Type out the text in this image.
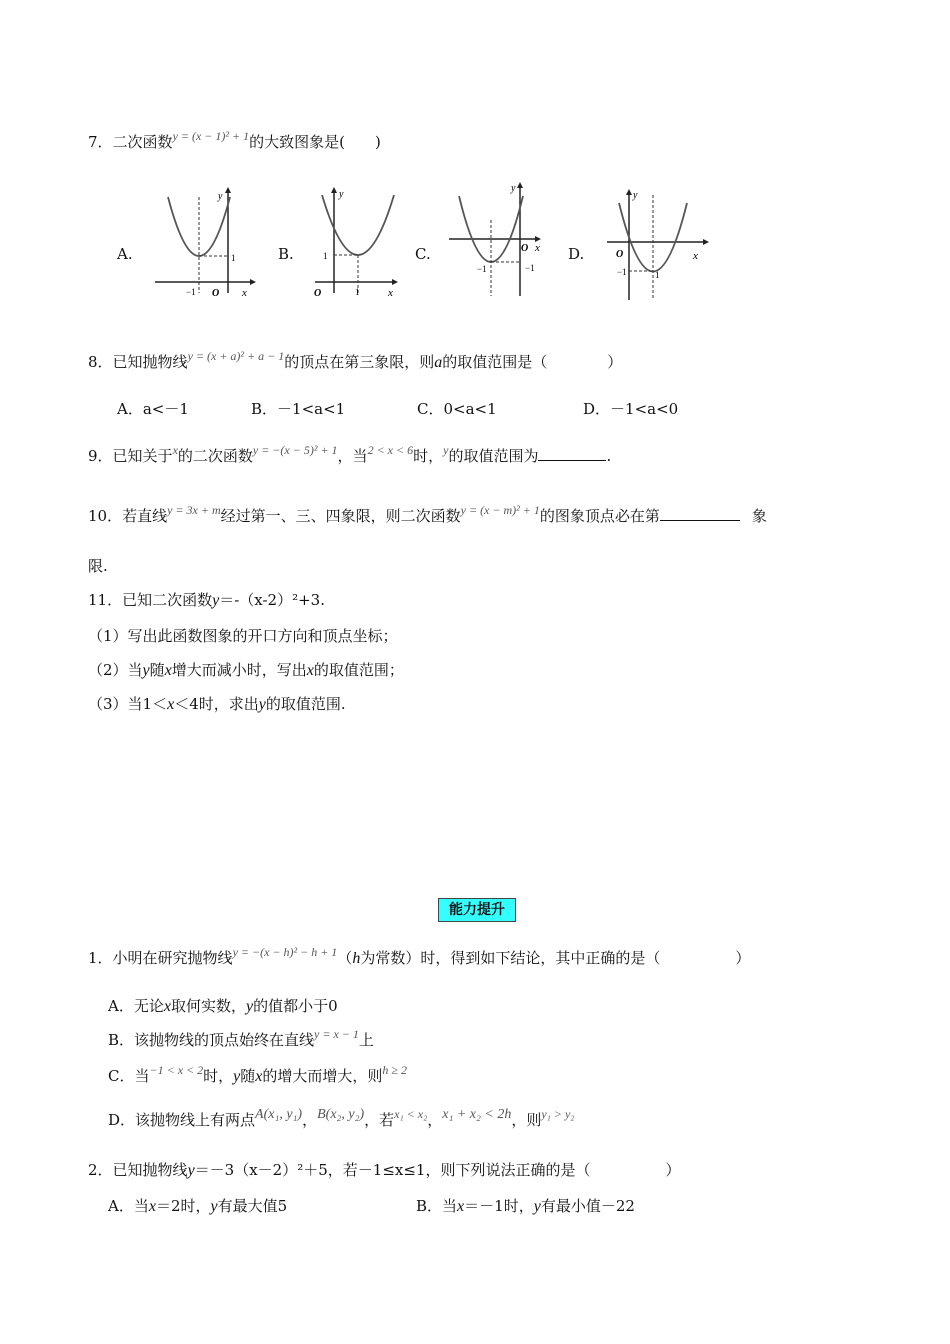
7．二次函数$^{y = (x - 1)^2 + 1}$的大致图象是(　　)
A.
−1
1
O x
y
B.
1
1
O	x
y
C.
−1	−1
O x
y
D.
1
−1
O	x
y
8．已知抛物线$^{y = (x + a)^2 + a - 1}$的顶点在第三象限，则a的取值范围是（　　　　）
A．a<－1	B．－1<a<1	C．0<a<1	D．－1<a<0
9．已知关于$^x$的二次函数$^{y = -(x - 5)^2 + 1}$，当$^{2 < x < 6}$时，$^y$的取值范围为	.
10．若直线$^{y = 3x + m}$经过第一、三、四象限，则二次函数$^{y = (x - m)^2 + 1}$的图象顶点必在第	象
限.
11．已知二次函数y＝-（x-2）²+3.
（1）写出此函数图象的开口方向和顶点坐标；
（2）当y随x增大而减小时，写出x的取值范围；
（3）当1＜x＜4时，求出y的取值范围.
能力提升
1．小明在研究抛物线$^{y = -(x - h)^2 - h + 1}$（h为常数）时，得到如下结论，其中正确的是（　　　　　）
A．无论x取何实数，y的值都小于0
B．该抛物线的顶点始终在直线$^{y = x - 1}$上
C．当$^{-1 < x < 2}$时，y随x的增大而增大，则$^{h \ge 2}$
D．该抛物线上有两点A(x₁, y₁)，B(x₂, y₂)，若$^{x_1 < x_2}$，x₁ + x₂ < 2h，则$^{y_1 > y_2}$
2．已知抛物线y＝－3（x－2）²＋5，若－1≤x≤1，则下列说法正确的是（　　　　　）
A．当x＝2时，y有最大值5	B．当x＝－1时，y有最小值－22
